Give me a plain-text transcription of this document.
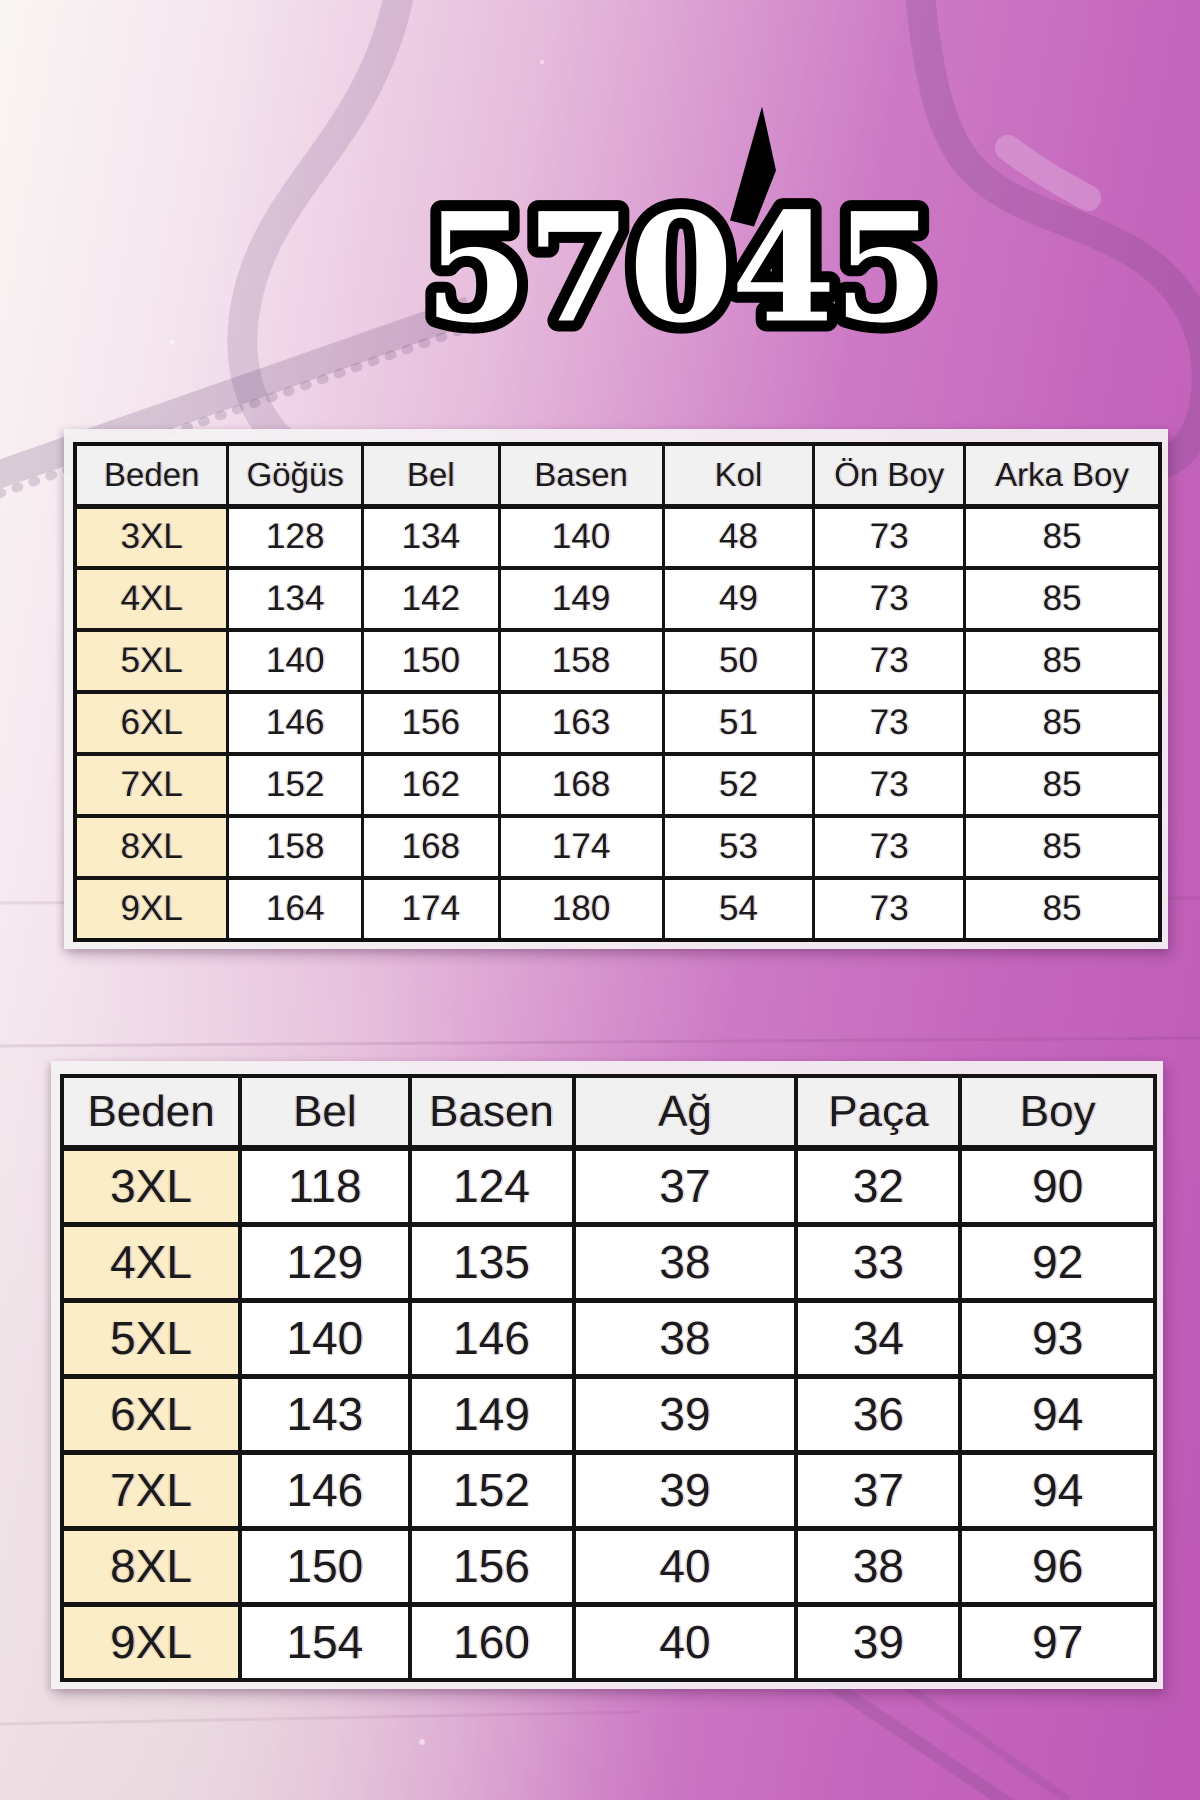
57045
Beden	Göğüs	Bel	Basen	Kol	Ön Boy	Arka Boy
3XL	128	134	140	48	73	85
4XL	134	142	149	49	73	85
5XL	140	150	158	50	73	85
6XL	146	156	163	51	73	85
7XL	152	162	168	52	73	85
8XL	158	168	174	53	73	85
9XL	164	174	180	54	73	85
Beden	Bel	Basen	Ağ	Paça	Boy
3XL	118	124	37	32	90
4XL	129	135	38	33	92
5XL	140	146	38	34	93
6XL	143	149	39	36	94
7XL	146	152	39	37	94
8XL	150	156	40	38	96
9XL	154	160	40	39	97
